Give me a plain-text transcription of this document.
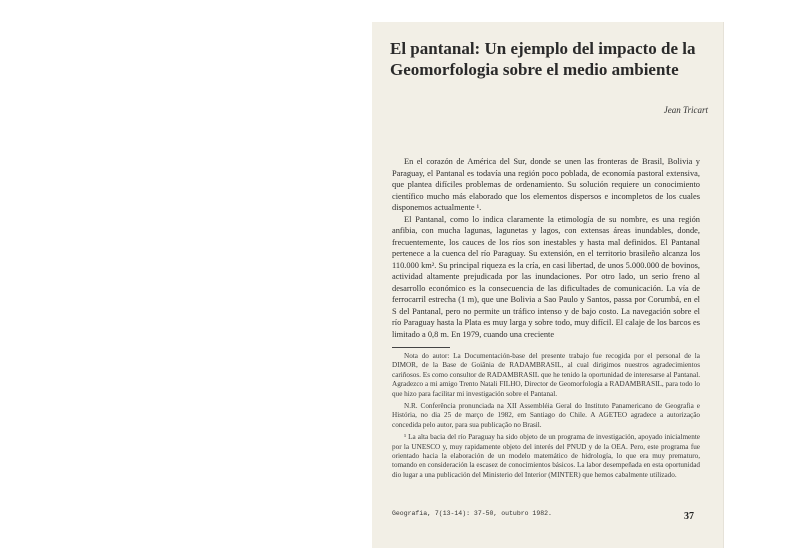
El pantanal: Un ejemplo del impacto de la
Geomorfologia sobre el medio ambiente
Jean Tricart

En el corazón de América del Sur, donde se unen las fronteras de Brasil, Bolivia y Paraguay, el Pantanal es todavía una región poco poblada, de economía pastoral extensiva, que plantea difíciles problemas de ordenamiento. Su solución requiere un conocimiento científico mucho más elaborado que los elementos dispersos e incompletos de los cuales disponemos actualmente ¹.

El Pantanal, como lo indica claramente la etimología de su nombre, es una región anfibia, con mucha lagunas, lagunetas y lagos, con extensas áreas inundables, donde, frecuentemente, los cauces de los ríos son inestables y hasta mal definidos. El Pantanal pertenece a la cuenca del río Paraguay. Su extensión, en el territorio brasileño alcanza los 110.000 km². Su principal riqueza es la cría, en casi libertad, de unos 5.000.000 de bovinos, actividad altamente prejudicada por las inundaciones. Por otro lado, un serio freno al desarrollo económico es la consecuencia de las dificultades de comunicación. La vía de ferrocarril estrecha (1 m), que une Bolivia a Sao Paulo y Santos, passa por Corumbá, en el S del Pantanal, pero no permite un tráfico intenso y de bajo costo. La navegación sobre el río Paraguay hasta la Plata es muy larga y sobre todo, muy difícil. El calaje de los barcos es limitado a 0,8 m. En 1979, cuando una creciente

Nota do autor: La Documentación-base del presente trabajo fue recogida por el personal de la DIMOR, de la Base de Goiânia de RADAMBRASIL, al cual dirigimos nuestros agradecimientos cariñosos. Es como consultor de RADAMBRASIL que he tenido la oportunidad de interesarse al Pantanal. Agradezco a mi amigo Trento Natali FILHO, Director de Geomorfología a RADAMBRASIL, para todo lo que hizo para facilitar mi investigación sobre el Pantanal.

N.R. Conferência pronunciada na XII Assembléia Geral do Instituto Panamericano de Geografia e História, no dia 25 de março de 1982, em Santiago do Chile. A AGETEO agradece a autorização concedida pelo autor, para sua publicação no Brasil.

¹ La alta bacia del río Paraguay ha sido objeto de un programa de investigación, apoyado inicialmente por la UNESCO y, muy rapidamente objeto del interés del PNUD y de la OEA. Pero, este programa fue orientado hacia la elaboración de un modelo matemático de hidrología, lo que era muy prematuro, tomando en consideración la escasez de conocimientos básicos. La labor desempeñada en esta oportunidad dio lugar a una publicación del Ministerio del Interior (MINTER) que hemos cabalmente utilizado.

Geografia, 7(13-14): 37-50, outubro 1982.	37
